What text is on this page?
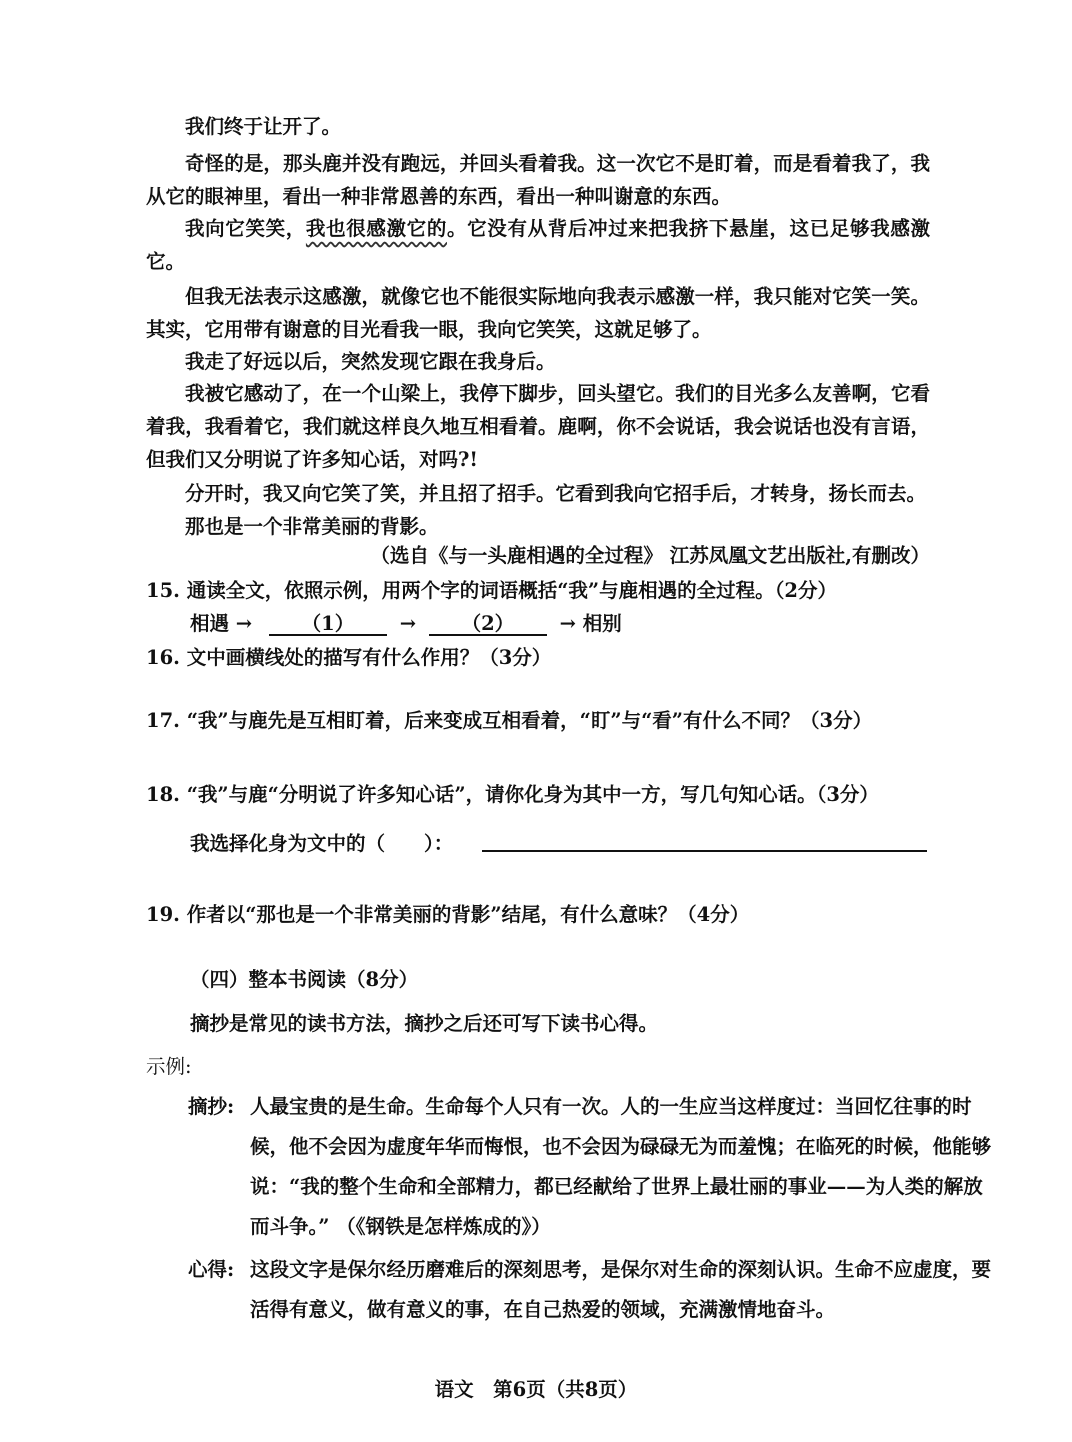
我们终于让开了。
奇怪的是，那头鹿并没有跑远，并回头看着我。这一次它不是盯着，而是看着我了，我从它的眼神里，看出一种非常恩善的东西，看出一种叫谢意的东西。
我向它笑笑，我也很感激它的。它没有从背后冲过来把我挤下悬崖，这已足够我感激它。
但我无法表示这感激，就像它也不能很实际地向我表示感激一样，我只能对它笑一笑。其实，它用带有谢意的目光看我一眼，我向它笑笑，这就足够了。
我走了好远以后，突然发现它跟在我身后。
我被它感动了，在一个山梁上，我停下脚步，回头望它。我们的目光多么友善啊，它看着我，我看着它，我们就这样良久地互相看着。鹿啊，你不会说话，我会说话也没有言语，但我们又分明说了许多知心话，对吗?!
分开时，我又向它笑了笑，并且招了招手。它看到我向它招手后，才转身，扬长而去。
那也是一个非常美丽的背影。
（选自《与一头鹿相遇的全过程》 江苏凤凰文艺出版社,有删改）
15. 通读全文，依照示例，用两个字的词语概括“我”与鹿相遇的全过程。（2分）
相遇 →	（1） → （2） → 相别
16. 文中画横线处的描写有什么作用？（3分）
17. “我”与鹿先是互相盯着，后来变成互相看着，“盯”与“看”有什么不同？（3分）
18. “我”与鹿“分明说了许多知心话”，请你化身为其中一方，写几句知心话。（3分）
我选择化身为文中的（　　）：
19. 作者以“那也是一个非常美丽的背影”结尾，有什么意味？（4分）
（四）整本书阅读（8分）
摘抄是常见的读书方法，摘抄之后还可写下读书心得。
示例:
摘抄: 人最宝贵的是生命。生命每个人只有一次。人的一生应当这样度过：当回忆往事的时候，他不会因为虚度年华而悔恨，也不会因为碌碌无为而羞愧；在临死的时候，他能够说：“我的整个生命和全部精力，都已经献给了世界上最壮丽的事业——为人类的解放而斗争。” （《钢铁是怎样炼成的》）
心得: 这段文字是保尔经历磨难后的深刻思考，是保尔对生命的深刻认识。生命不应虚度，要活得有意义，做有意义的事，在自己热爱的领域，充满激情地奋斗。
语文　第6页（共8页）
